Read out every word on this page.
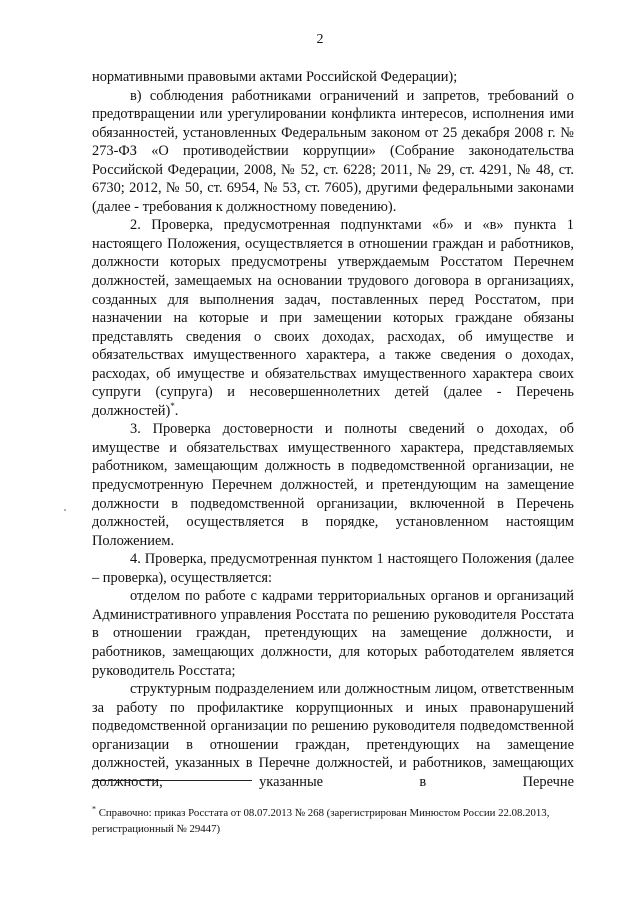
2

нормативными правовыми актами Российской Федерации);

в) соблюдения работниками ограничений и запретов, требований о предотвращении или урегулировании конфликта интересов, исполнения ими обязанностей, установленных Федеральным законом от 25 декабря 2008 г. № 273-ФЗ «О противодействии коррупции» (Собрание законодательства Российской Федерации, 2008, № 52, ст. 6228; 2011, № 29, ст. 4291, № 48, ст. 6730; 2012, № 50, ст. 6954, № 53, ст. 7605), другими федеральными законами (далее - требования к должностному поведению).

2. Проверка, предусмотренная подпунктами «б» и «в» пункта 1 настоящего Положения, осуществляется в отношении граждан и работников, должности которых предусмотрены утверждаемым Росстатом Перечнем должностей, замещаемых на основании трудового договора в организациях, созданных для выполнения задач, поставленных перед Росстатом, при назначении на которые и при замещении которых граждане обязаны представлять сведения о своих доходах, расходах, об имуществе и обязательствах имущественного характера, а также сведения о доходах, расходах, об имуществе и обязательствах имущественного характера своих супруги (супруга) и несовершеннолетних детей (далее - Перечень должностей)*.

3. Проверка достоверности и полноты сведений о доходах, об имуществе и обязательствах имущественного характера, представляемых работником, замещающим должность в подведомственной организации, не предусмотренную Перечнем должностей, и претендующим на замещение должности в подведомственной организации, включенной в Перечень должностей, осуществляется в порядке, установленном настоящим Положением.

4. Проверка, предусмотренная пунктом 1 настоящего Положения (далее – проверка), осуществляется:

отделом по работе с кадрами территориальных органов и организаций Административного управления Росстата по решению руководителя Росстата в отношении граждан, претендующих на замещение должности, и работников, замещающих должности, для которых работодателем является руководитель Росстата;

структурным подразделением или должностным лицом, ответственным за работу по профилактике коррупционных и иных правонарушений подведомственной организации по решению руководителя подведомственной организации в отношении граждан, претендующих на замещение должностей, указанных в Перечне должностей, и работников, замещающих должности, указанные в Перечне

* Справочно: приказ Росстата от 08.07.2013 № 268 (зарегистрирован Минюстом России 22.08.2013, регистрационный № 29447)
